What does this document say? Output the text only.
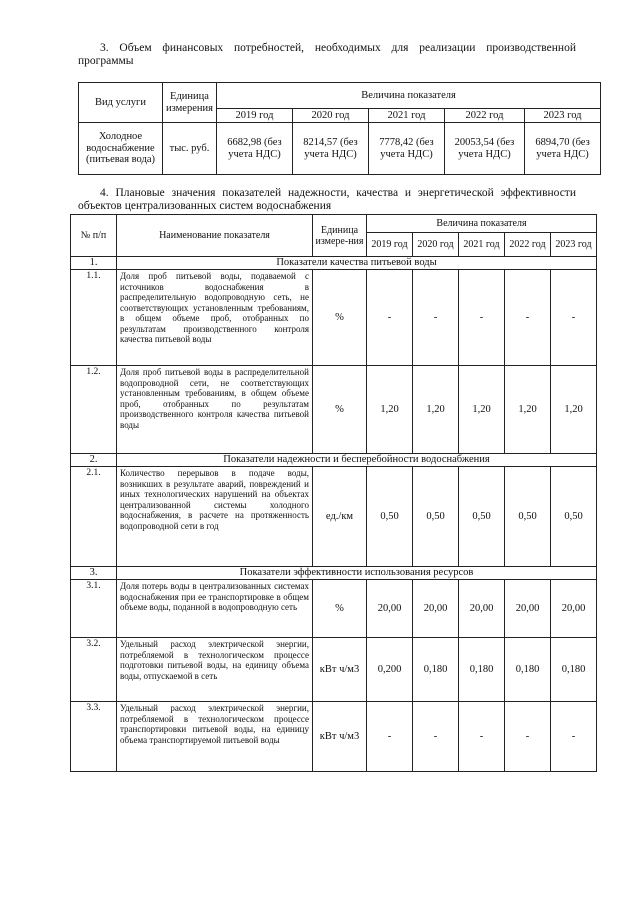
3. Объем финансовых потребностей, необходимых для реализации производственной программы
Вид услуги	Единица измерения	Величина показателя				
		2019 год	2020 год	2021 год	2022 год	2023 год
Холодное водоснабжение (питьевая вода)	тыс. руб.	6682,98 (без учета НДС)	8214,57 (без учета НДС)	7778,42 (без учета НДС)	20053,54 (без учета НДС)	6894,70 (без учета НДС)
4. Плановые значения показателей надежности, качества и энергетической эффективности объектов централизованных систем водоснабжения
№ п/п	Наименование показателя	Единица измере-ния	Величина показателя				
			2019 год	2020 год	2021 год	2022 год	2023 год
1.	Показатели качества питьевой воды						
1.1.	Доля проб питьевой воды, подаваемой с источников водоснабжения в распределительную водопроводную сеть, не соответствующих установленным требованиям, в общем объеме проб, отобранных по результатам производственного контроля качества питьевой воды	%	-	-	-	-	-
1.2.	Доля проб питьевой воды в распределительной водопроводной сети, не соответствующих установленным требованиям, в общем объеме проб, отобранных по результатам производственного контроля качества питьевой воды	%	1,20	1,20	1,20	1,20	1,20
2.	Показатели надежности и бесперебойности водоснабжения						
2.1.	Количество перерывов в подаче воды, возникших в результате аварий, повреждений и иных технологических нарушений на объектах централизованной системы холодного водоснабжения, в расчете на протяженность водопроводной сети в год	ед./км	0,50	0,50	0,50	0,50	0,50
3.	Показатели эффективности использования ресурсов						
3.1.	Доля потерь воды в централизованных системах водоснабжения при ее транспортировке в общем объеме воды, поданной в водопроводную сеть	%	20,00	20,00	20,00	20,00	20,00
3.2.	Удельный расход электрической энергии, потребляемой в технологическом процессе подготовки питьевой воды, на единицу объема воды, отпускаемой в сеть	кВт ч/м3	0,200	0,180	0,180	0,180	0,180
3.3.	Удельный расход электрической энергии, потребляемой в технологическом процессе транспортировки питьевой воды, на единицу объема транспортируемой питьевой воды	кВт ч/м3	-	-	-	-	-
